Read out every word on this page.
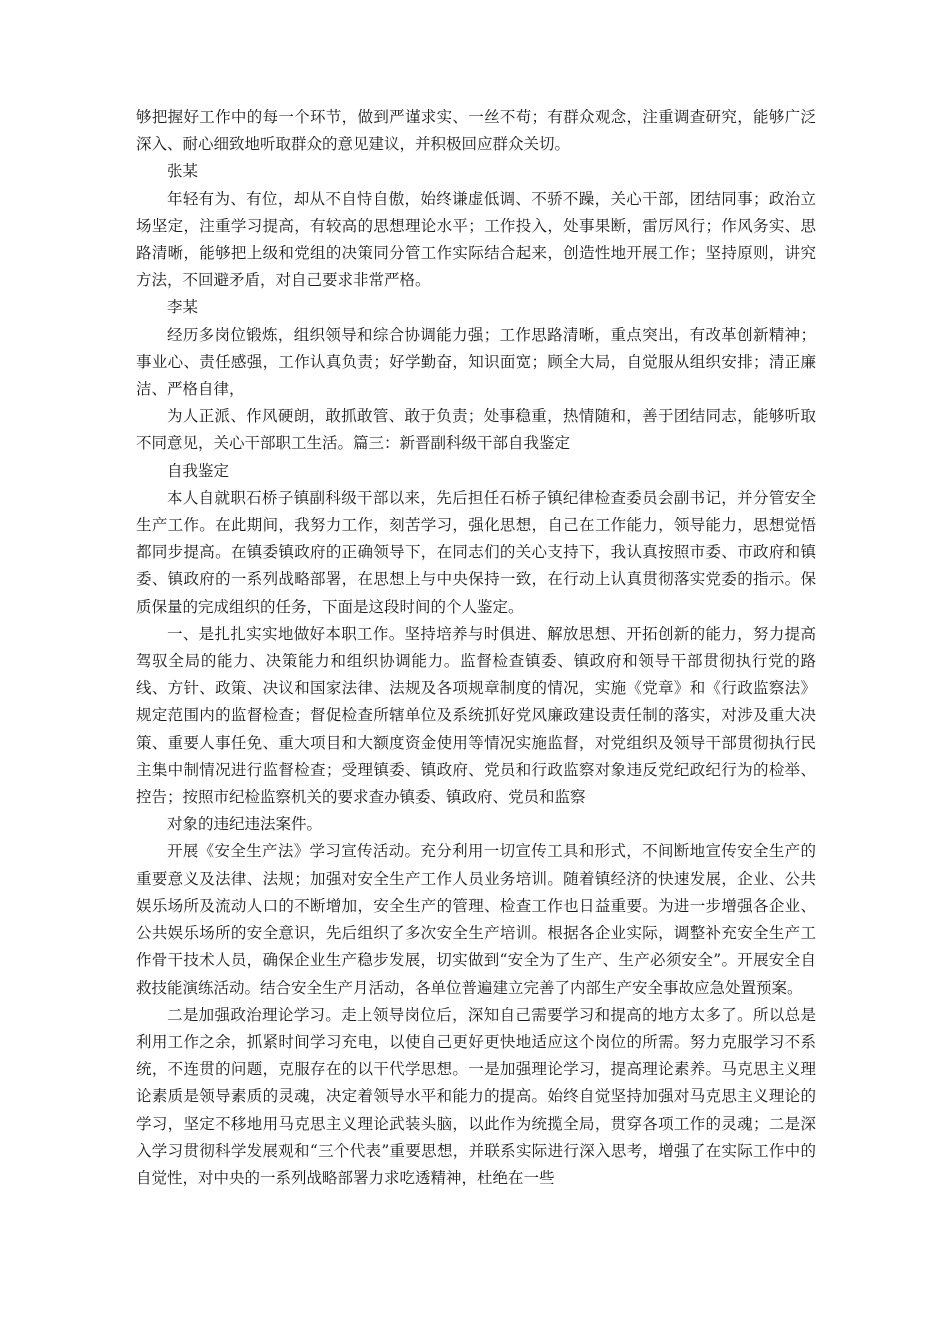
够把握好工作中的每一个环节，做到严谨求实、一丝不苟；有群众观念，注重调查研究，能够广泛深入、耐心细致地听取群众的意见建议，并积极回应群众关切。

张某

年轻有为、有位，却从不自恃自傲，始终谦虚低调、不骄不躁，关心干部，团结同事；政治立场坚定，注重学习提高，有较高的思想理论水平；工作投入，处事果断，雷厉风行；作风务实、思路清晰，能够把上级和党组的决策同分管工作实际结合起来，创造性地开展工作；坚持原则，讲究方法，不回避矛盾，对自己要求非常严格。

李某

经历多岗位锻炼，组织领导和综合协调能力强；工作思路清晰，重点突出，有改革创新精神；事业心、责任感强，工作认真负责；好学勤奋，知识面宽；顾全大局，自觉服从组织安排；清正廉洁、严格自律，

为人正派、作风硬朗，敢抓敢管、敢于负责；处事稳重，热情随和，善于团结同志，能够听取不同意见，关心干部职工生活。篇三：新晋副科级干部自我鉴定

自我鉴定

本人自就职石桥子镇副科级干部以来，先后担任石桥子镇纪律检查委员会副书记，并分管安全生产工作。在此期间，我努力工作，刻苦学习，强化思想，自己在工作能力，领导能力，思想觉悟都同步提高。在镇委镇政府的正确领导下，在同志们的关心支持下，我认真按照市委、市政府和镇委、镇政府的一系列战略部署，在思想上与中央保持一致，在行动上认真贯彻落实党委的指示。保质保量的完成组织的任务，下面是这段时间的个人鉴定。

一、是扎扎实实地做好本职工作。坚持培养与时俱进、解放思想、开拓创新的能力，努力提高驾驭全局的能力、决策能力和组织协调能力。监督检查镇委、镇政府和领导干部贯彻执行党的路线、方针、政策、决议和国家法律、法规及各项规章制度的情况，实施《党章》和《行政监察法》规定范围内的监督检查；督促检查所辖单位及系统抓好党风廉政建设责任制的落实，对涉及重大决策、重要人事任免、重大项目和大额度资金使用等情况实施监督，对党组织及领导干部贯彻执行民主集中制情况进行监督检查；受理镇委、镇政府、党员和行政监察对象违反党纪政纪行为的检举、控告；按照市纪检监察机关的要求查办镇委、镇政府、党员和监察

对象的违纪违法案件。

开展《安全生产法》学习宣传活动。充分利用一切宣传工具和形式，不间断地宣传安全生产的重要意义及法律、法规；加强对安全生产工作人员业务培训。随着镇经济的快速发展，企业、公共娱乐场所及流动人口的不断增加，安全生产的管理、检查工作也日益重要。为进一步增强各企业、公共娱乐场所的安全意识，先后组织了多次安全生产培训。根据各企业实际，调整补充安全生产工作骨干技术人员，确保企业生产稳步发展，切实做到“安全为了生产、生产必须安全”。开展安全自救技能演练活动。结合安全生产月活动，各单位普遍建立完善了内部生产安全事故应急处置预案。

二是加强政治理论学习。走上领导岗位后，深知自己需要学习和提高的地方太多了。所以总是利用工作之余，抓紧时间学习充电，以使自己更好更快地适应这个岗位的所需。努力克服学习不系统，不连贯的问题，克服存在的以干代学思想。一是加强理论学习，提高理论素养。马克思主义理论素质是领导素质的灵魂，决定着领导水平和能力的提高。始终自觉坚持加强对马克思主义理论的学习，坚定不移地用马克思主义理论武装头脑，以此作为统揽全局，贯穿各项工作的灵魂；二是深入学习贯彻科学发展观和“三个代表”重要思想，并联系实际进行深入思考，增强了在实际工作中的自觉性，对中央的一系列战略部署力求吃透精神，杜绝在一些
